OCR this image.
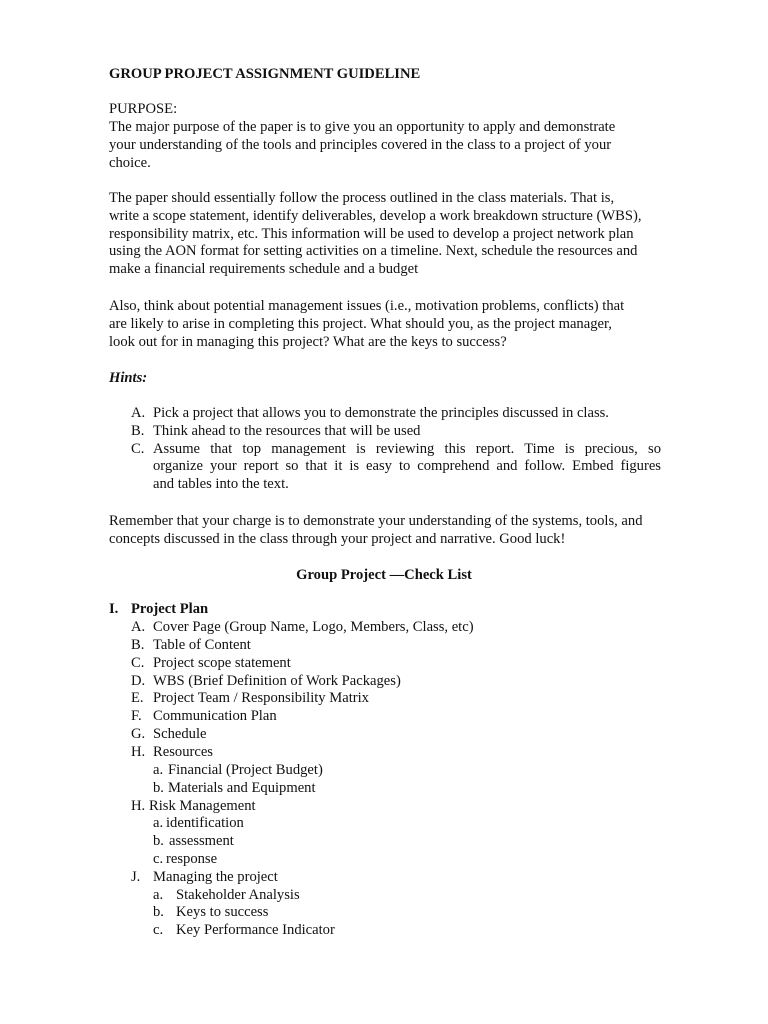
GROUP PROJECT ASSIGNMENT GUIDELINE
PURPOSE:
The major purpose of the paper is to give you an opportunity to apply and demonstrate
your understanding of the tools and principles covered in the class to a project of your
choice.
The paper should essentially follow the process outlined in the class materials. That is,
write a scope statement, identify deliverables, develop a work breakdown structure (WBS),
responsibility matrix, etc. This information will be used to develop a project network plan
using the AON format for setting activities on a timeline. Next, schedule the resources and
make a financial requirements schedule and a budget
Also, think about potential management issues (i.e., motivation problems, conflicts) that
are likely to arise in completing this project. What should you, as the project manager,
look out for in managing this project? What are the keys to success?
Hints:
A. Pick a project that allows you to demonstrate the principles discussed in class.
B. Think ahead to the resources that will be used
C. Assume that top management is reviewing this report. Time is precious, so
organize your report so that it is easy to comprehend and follow. Embed figures
and tables into the text.
Remember that your charge is to demonstrate your understanding of the systems, tools, and
concepts discussed in the class through your project and narrative. Good luck!
Group Project —Check List
I. Project Plan
A. Cover Page (Group Name, Logo, Members, Class, etc)
B. Table of Content
C. Project scope statement
D. WBS (Brief Definition of Work Packages)
E. Project Team / Responsibility Matrix
F. Communication Plan
G. Schedule
H. Resources
a. Financial (Project Budget)
b. Materials and Equipment
H. Risk Management
a. identification
b. assessment
c. response
J. Managing the project
a. Stakeholder Analysis
b. Keys to success
c. Key Performance Indicator
